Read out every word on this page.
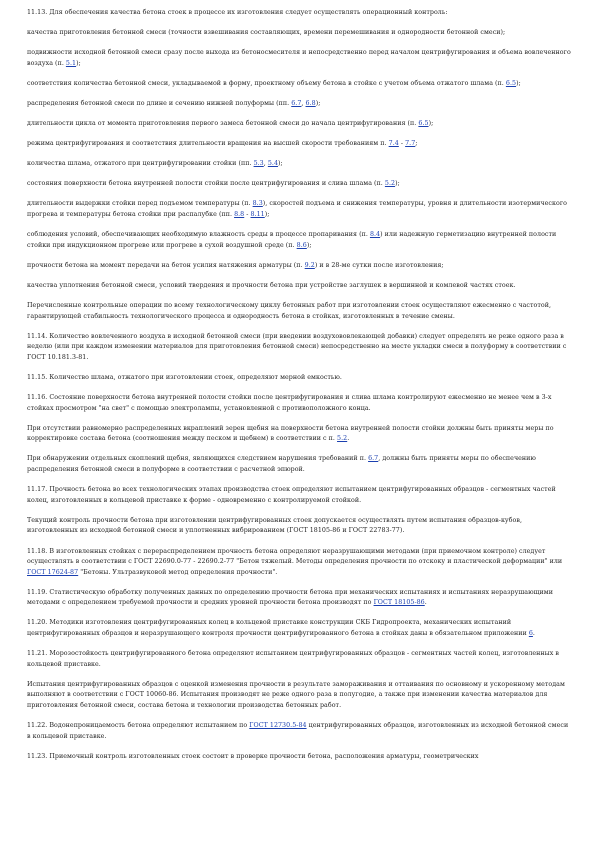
11.13. Для обеспечения качества бетона стоек в процессе их изготовления следует осуществлять операционный контроль:

качества приготовления бетонной смеси (точности взвешивания составляющих, времени перемешивания и однородности бетонной смеси);

подвижности исходной бетонной смеси сразу после выхода из бетоносмесителя и непосредственно перед началом центрифугирования и объема вовлеченного воздуха (п. 5.1);

соответствия количества бетонной смеси, укладываемой в форму, проектному объему бетона в стойке с учетом объема отжатого шлама (п. 6.5);

распределения бетонной смеси по длине и сечению нижней полуформы (пп. 6.7, 6.8);

длительности цикла от момента приготовления первого замеса бетонной смеси до начала центрифугирования (п. 6.5);

режима центрифугирования и соответствия длительности вращения на высшей скорости требованиям п. 7.4 - 7.7;

количества шлама, отжатого при центрифугировании стойки (пп. 5.3, 5.4);

состояния поверхности бетона внутренней полости стойки после центрифугирования и слива шлама (п. 5.2);

длительности выдержки стойки перед подъемом температуры (п. 8.3), скоростей подъема и снижения температуры, уровня и длительности изотермического прогрева и температуры бетона стойки при распалубке (пп. 8.8 - 8.11);

соблюдения условий, обеспечивающих необходимую влажность среды в процессе пропаривания (п. 8.4) или надежную герметизацию внутренней полости стойки при индукционном прогреве или прогреве в сухой воздушной среде (п. 8.6);

прочности бетона на момент передачи на бетон усилия натяжения арматуры (п. 9.2) и в 28-ме сутки после изготовления;

качества уплотнения бетонной смеси, условий твердения и прочности бетона при устройстве заглушек в вершинной и комлевой частях стоек.

Перечисленные контрольные операции по всему технологическому циклу бетонных работ при изготовлении стоек осуществляют ежесменно с частотой, гарантирующей стабильность технологического процесса и однородность бетона в стойках, изготовленных в течение смены.

11.14. Количество вовлеченного воздуха в исходной бетонной смеси (при введении воздухововлекающей добавки) следует определять не реже одного раза в неделю (или при каждом изменении материалов для приготовления бетонной смеси) непосредственно на месте укладки смеси в полуформу в соответствии с ГОСТ 10.181.3-81.

11.15. Количество шлама, отжатого при изготовлении стоек, определяют мерной емкостью.

11.16. Состояние поверхности бетона внутренней полости стойки после центрифугирования и слива шлама контролируют ежесменно не менее чем в 3-х стойках просмотром "на свет" с помощью электролампы, установленной с противоположного конца.

При отсутствии равномерно распределенных вкраплений зерен щебня на поверхности бетона внутренней полости стойки должны быть приняты меры по корректировке состава бетона (соотношения между песком и щебнем) в соответствии с п. 5.2.

При обнаружении отдельных скоплений щебня, являющихся следствием нарушения требований п. 6.7, должны быть приняты меры по обеспечению распределения бетонной смеси в полуформе в соответствии с расчетной эпюрой.

11.17. Прочность бетона во всех технологических этапах производства стоек определяют испытанием центрифугированных образцов - сегментных частей колец, изготовленных в кольцевой приставке к форме - одновременно с контролируемой стойкой.

Текущий контроль прочности бетона при изготовлении центрифугированных стоек допускается осуществлять путем испытания образцов-кубов, изготовленных из исходной бетонной смеси и уплотненных вибрированием (ГОСТ 18105-86 и ГОСТ 22783-77).

11.18. В изготовленных стойках с перераспределением прочность бетона определяют неразрушающими методами (при приемочном контроле) следует осуществлять в соответствии с ГОСТ 22690.0-77 - 22690.2-77 "Бетон тяжелый. Методы определения прочности по отскоку и пластической деформации" или ГОСТ 17624-87 "Бетоны. Ультразвуковой метод определения прочности".

11.19. Статистическую обработку полученных данных по определению прочности бетона при механических испытаниях и испытаниях неразрушающими методами с определением требуемой прочности и средних уровней прочности бетона производят по ГОСТ 18105-86.

11.20. Методики изготовления центрифугированных колец в кольцевой приставке конструкции СКБ Гидропроекта, механических испытаний центрифугированных образцов и неразрушающего контроля прочности центрифугированного бетона в стойках даны в обязательном приложении 6.

11.21. Морозостойкость центрифугированного бетона определяют испытанием центрифугированных образцов - сегментных частей колец, изготовленных в кольцевой приставке.

Испытания центрифугированных образцов с оценкой изменения прочности в результате замораживания и оттаивания по основному и ускоренному методам выполняют в соответствии с ГОСТ 10060-86. Испытания производят не реже одного раза в полугодие, а также при изменении качества материалов для приготовления бетонной смеси, состава бетона и технологии производства бетонных работ.

11.22. Водонепроницаемость бетона определяют испытанием по ГОСТ 12730.5-84 центрифугированных образцов, изготовленных из исходной бетонной смеси в кольцевой приставке.

11.23. Приемочный контроль изготовленных стоек состоит в проверке прочности бетона, расположения арматуры, геометрических
